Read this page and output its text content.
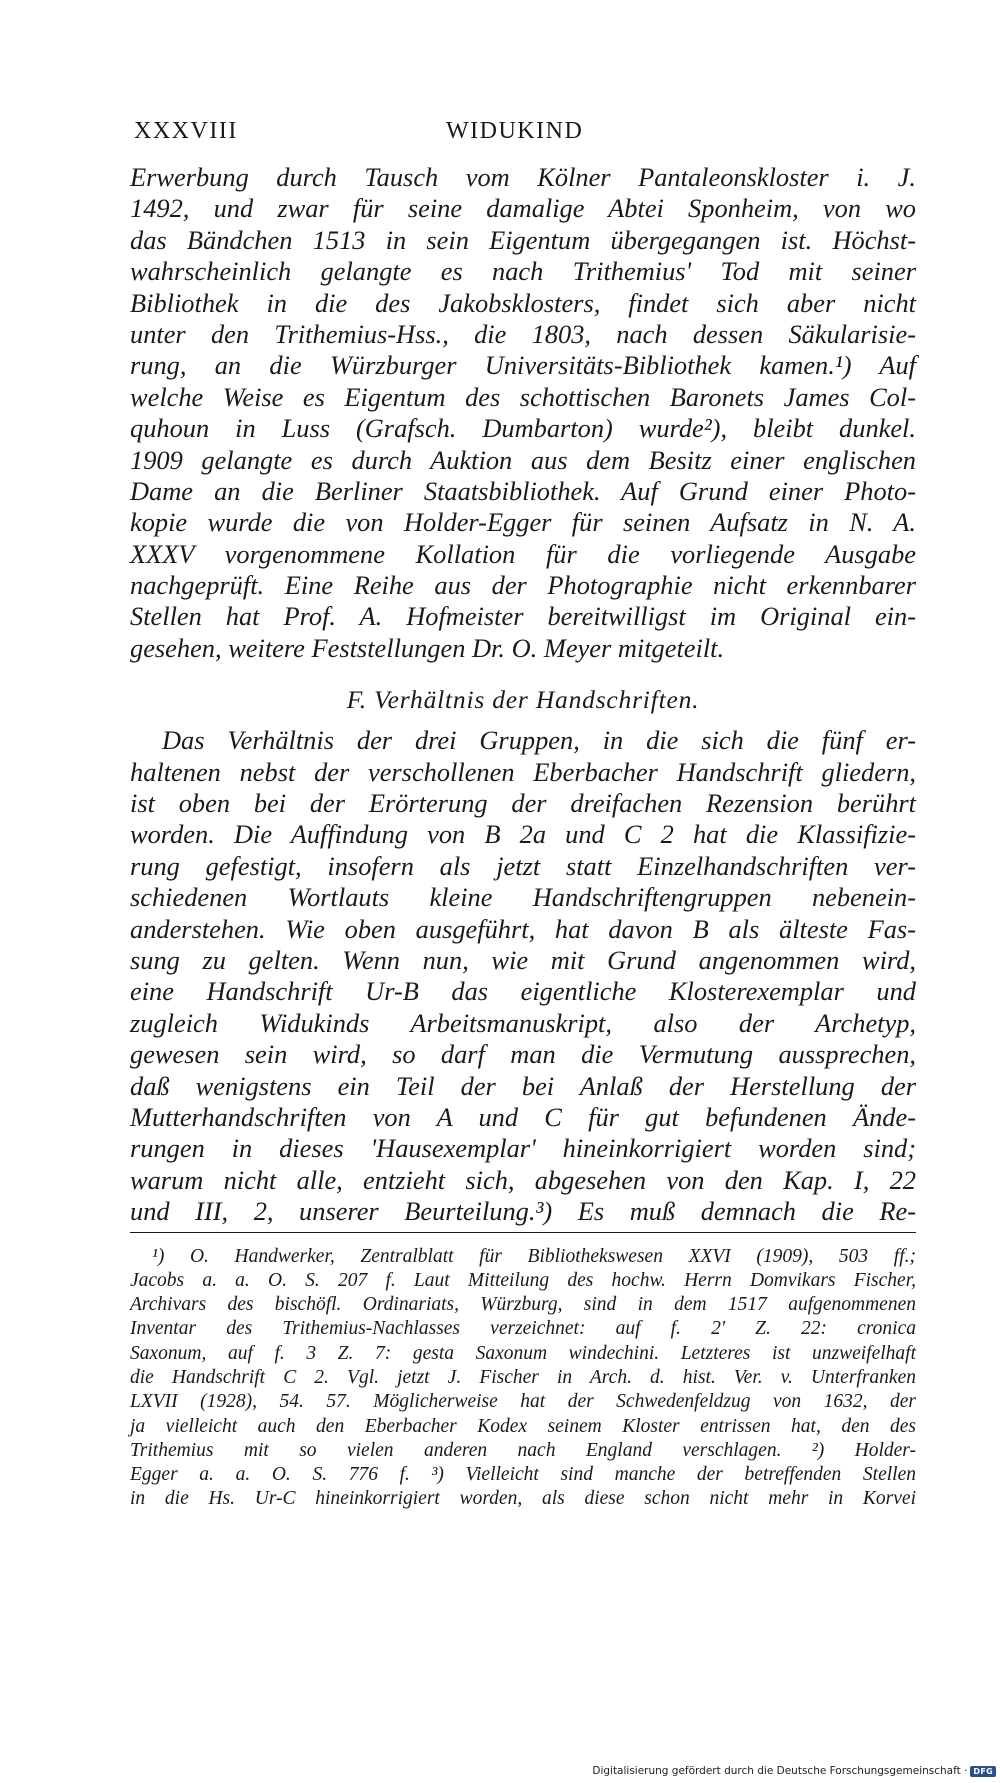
XXXVIII	WIDUKIND
Erwerbung durch Tausch vom Kölner Pantaleonskloster i. J.
1492, und zwar für seine damalige Abtei Sponheim, von wo
das Bändchen 1513 in sein Eigentum übergegangen ist. Höchst-
wahrscheinlich gelangte es nach Trithemius' Tod mit seiner
Bibliothek in die des Jakobsklosters, findet sich aber nicht
unter den Trithemius-Hss., die 1803, nach dessen Säkularisie-
rung, an die Würzburger Universitäts-Bibliothek kamen.¹) Auf
welche Weise es Eigentum des schottischen Baronets James Col-
quhoun in Luss (Grafsch. Dumbarton) wurde²), bleibt dunkel.
1909 gelangte es durch Auktion aus dem Besitz einer englischen
Dame an die Berliner Staatsbibliothek. Auf Grund einer Photo-
kopie wurde die von Holder-Egger für seinen Aufsatz in N. A.
XXXV vorgenommene Kollation für die vorliegende Ausgabe
nachgeprüft. Eine Reihe aus der Photographie nicht erkennbarer
Stellen hat Prof. A. Hofmeister bereitwilligst im Original ein-
gesehen, weitere Feststellungen Dr. O. Meyer mitgeteilt.
F. Verhältnis der Handschriften.
Das Verhältnis der drei Gruppen, in die sich die fünf er-
haltenen nebst der verschollenen Eberbacher Handschrift gliedern,
ist oben bei der Erörterung der dreifachen Rezension berührt
worden. Die Auffindung von B 2a und C 2 hat die Klassifizie-
rung gefestigt, insofern als jetzt statt Einzelhandschriften ver-
schiedenen Wortlauts kleine Handschriftengruppen nebenein-
anderstehen. Wie oben ausgeführt, hat davon B als älteste Fas-
sung zu gelten. Wenn nun, wie mit Grund angenommen wird,
eine Handschrift Ur-B das eigentliche Klosterexemplar und
zugleich Widukinds Arbeitsmanuskript, also der Archetyp,
gewesen sein wird, so darf man die Vermutung aussprechen,
daß wenigstens ein Teil der bei Anlaß der Herstellung der
Mutterhandschriften von A und C für gut befundenen Ände-
rungen in dieses 'Hausexemplar' hineinkorrigiert worden sind;
warum nicht alle, entzieht sich, abgesehen von den Kap. I, 22
und III, 2, unserer Beurteilung.³) Es muß demnach die Re-
¹) O. Handwerker, Zentralblatt für Bibliothekswesen XXVI (1909), 503 ff.;
Jacobs a. a. O. S. 207 f. Laut Mitteilung des hochw. Herrn Domvikars Fischer,
Archivars des bischöfl. Ordinariats, Würzburg, sind in dem 1517 aufgenommenen
Inventar des Trithemius-Nachlasses verzeichnet: auf f. 2' Z. 22: cronica
Saxonum, auf f. 3 Z. 7: gesta Saxonum windechini. Letzteres ist unzweifelhaft
die Handschrift C 2. Vgl. jetzt J. Fischer in Arch. d. hist. Ver. v. Unterfranken
LXVII (1928), 54. 57. Möglicherweise hat der Schwedenfeldzug von 1632, der
ja vielleicht auch den Eberbacher Kodex seinem Kloster entrissen hat, den des
Trithemius mit so vielen anderen nach England verschlagen. ²) Holder-
Egger a. a. O. S. 776 f. ³) Vielleicht sind manche der betreffenden Stellen
in die Hs. Ur-C hineinkorrigiert worden, als diese schon nicht mehr in Korvei
Digitalisierung gefördert durch die Deutsche Forschungsgemeinschaft · DFG
